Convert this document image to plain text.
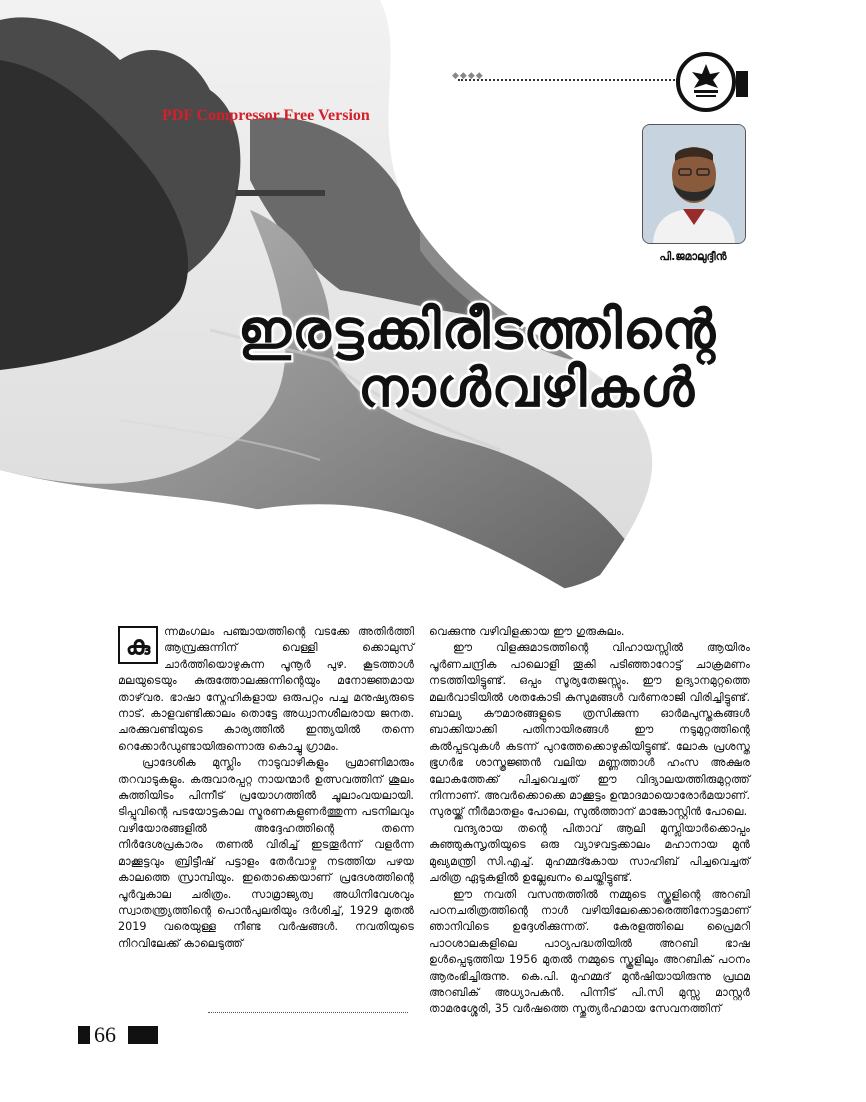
◆◆◆◆
PDF Compressor Free Version
പി.ജമാലുദ്ദീൻ
ഇരട്ടക്കിരീടത്തിന്റെ
നാൾവഴികൾ
കു	ന്നമംഗലം പഞ്ചായത്തിന്റെ വടക്കേ അതിർത്തി ആമ്പ്രക്കുന്നിന് വെള്ളി ക്കൊലുസ് ചാർത്തിയൊഴുകുന്ന പൂനൂർ പുഴ. കൂടത്താൾ മലയുടെയും കുരുത്തോലക്കുന്നിന്റെയും മനോജ്ഞമായ താഴ്‌വര. ഭാഷാ സ്നേഹികളായ ഒരുപറ്റം പച്ച മനുഷ്യരുടെ നാട്. കാളവണ്ടിക്കാലം തൊട്ടേ അധ്വാനശീലരായ ജനത. ചരക്കുവണ്ടിയുടെ കാര്യത്തിൽ ഇന്ത്യയിൽ തന്നെ റെക്കോർഡുണ്ടായിരുന്നൊരു കൊച്ചു ഗ്രാമം.

പ്രാദേശിക മുസ്ലിം നാടുവാഴികളും പ്രമാണിമാരും തറവാടുകളും. കരുവാരപ്പറ്റ നായന്മാർ ഉത്സവത്തിന് ശൂലം കുത്തിയിടം പിന്നീട് പ്രയോഗത്തിൽ ചൂലാംവയലായി. ടിപ്പുവിന്റെ പടയോട്ടകാല സ്മരണകളുണർത്തുന്ന പടനിലവും വഴിയോരങ്ങളിൽ അദ്ദേഹത്തിന്റെ തന്നെ നിർദേശപ്രകാരം തണൽ വിരിച്ച് ഇടതൂർന്ന് വളർന്ന മാക്കൂട്ടവും ബ്രിട്ടീഷ് പട്ടാളം തേർവാഴ്ച നടത്തിയ പഴയ കാലത്തെ സ്രാമ്പിയും. ഇതൊക്കെയാണ് പ്രദേശത്തിന്റെ പൂർവ്വകാല ചരിത്രം. സാമ്രാജ്യത്വ അധിനിവേശവും സ്വാതന്ത്ര്യത്തിന്റെ പൊൻപുലരിയും ദർശിച്ച്, 1929 മുതൽ 2019 വരെയുള്ള നീണ്ട വർഷങ്ങൾ. നവതിയുടെ നിറവിലേക്ക് കാലെടുത്ത്

വെക്കുന്നു വഴിവിളക്കായ ഈ ഗുരുകുലം.

ഈ വിളക്കുമാടത്തിന്റെ വിഹായസ്സിൽ ആയിരം പൂർണചന്ദ്രിക പാലൊളി തൂകി പടിഞ്ഞാറോട്ട് ചാക്രമണം നടത്തിയിട്ടുണ്ട്. ഒപ്പം സൂര്യതേജസ്സും. ഈ ഉദ്യാനമുറ്റത്തെ മലർവാടിയിൽ ശതകോടി കുസുമങ്ങൾ വർണരാജി വിരിച്ചിട്ടുണ്ട്. ബാല്യ കൗമാരങ്ങളുടെ ത്രസിക്കുന്ന ഓർമപുസ്തകങ്ങൾ ബാക്കിയാക്കി പതിനായിരങ്ങൾ ഈ നടുമുറ്റത്തിന്റെ കൽപ്പടവുകൾ കടന്ന് പുറത്തേക്കൊഴുകിയിട്ടുണ്ട്. ലോക പ്രശസ്ത ഭൂഗർഭ ശാസ്ത്രജ്ഞൻ വലിയ മണ്ണത്താൾ ഹംസ അക്ഷര ലോകത്തേക്ക് പിച്ചവെച്ചത് ഈ വിദ്യാലയത്തിരുമുറ്റത്ത് നിന്നാണ്. അവർക്കൊക്കെ മാക്കൂട്ടം ഉന്മാദമായൊരോർമയാണ്. സുരയ്ക്ക് നീർമാതളം പോലെ, സുൽത്താന് മാങ്കോസ്റ്റിൻ പോലെ.

വന്ദ്യരായ തന്റെ പിതാവ് ആലി മുസ്ലിയാർക്കൊപ്പം കുഞ്ഞുകുസൃതിയുടെ ഒരു വ്യാഴവട്ടക്കാലം മഹാനായ മുൻ മുഖ്യമന്ത്രി സി.എച്ച്. മുഹമ്മദ്കോയ സാഹിബ് പിച്ചവെച്ചത് ചരിത്ര ഏടുകളിൽ ഉല്ലേഖനം ചെയ്തിട്ടുണ്ട്.

ഈ നവതി വസന്തത്തിൽ നമ്മുടെ സ്കൂളിന്റെ അറബി പഠനചരിത്രത്തിന്റെ നാൾ വഴിയിലേക്കൊരെത്തിനോട്ടമാണ് ഞാനിവിടെ ഉദ്ദേശിക്കുന്നത്. കേരളത്തിലെ പ്രൈമറി പാഠശാലകളിലെ പാഠ്യപദ്ധതിയിൽ അറബി ഭാഷ ഉൾപ്പെടുത്തിയ 1956 മുതൽ നമ്മുടെ സ്കൂളിലും അറബിക് പഠനം ആരംഭിച്ചിരുന്നു. കെ.പി. മുഹമ്മദ് മുൻഷിയായിരുന്നു പ്രഥമ അറബിക് അധ്യാപകൻ. പിന്നീട് പി.സി മുസ്സ മാസ്റ്റർ താമരശ്ശേരി, 35 വർഷത്തെ സ്തുത്യർഹമായ സേവനത്തിന്

66
